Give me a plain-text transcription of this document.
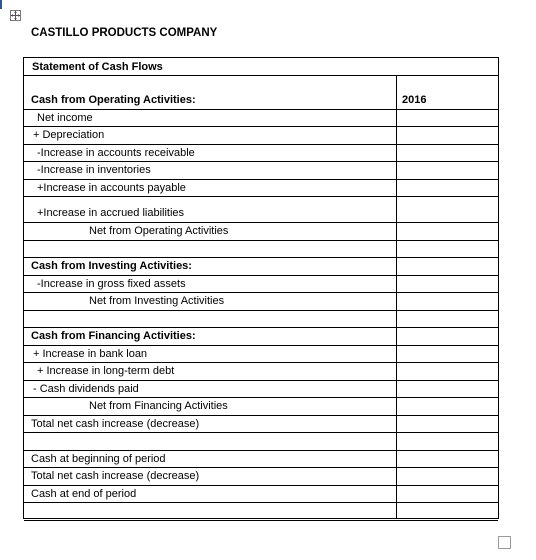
CASTILLO PRODUCTS COMPANY
Statement of Cash Flows
Cash from Operating Activities:	2016
Net income
+ Depreciation
-Increase in accounts receivable
-Increase in inventories
+Increase in accounts payable
+Increase in accrued liabilities
Net from Operating Activities
Cash from Investing Activities:
-Increase in gross fixed assets
Net from Investing Activities
Cash from Financing Activities:
+ Increase in bank loan
+ Increase in long-term debt
- Cash dividends paid
Net from Financing Activities
Total net cash increase (decrease)
Cash at beginning of period
Total net cash increase (decrease)
Cash at end of period
